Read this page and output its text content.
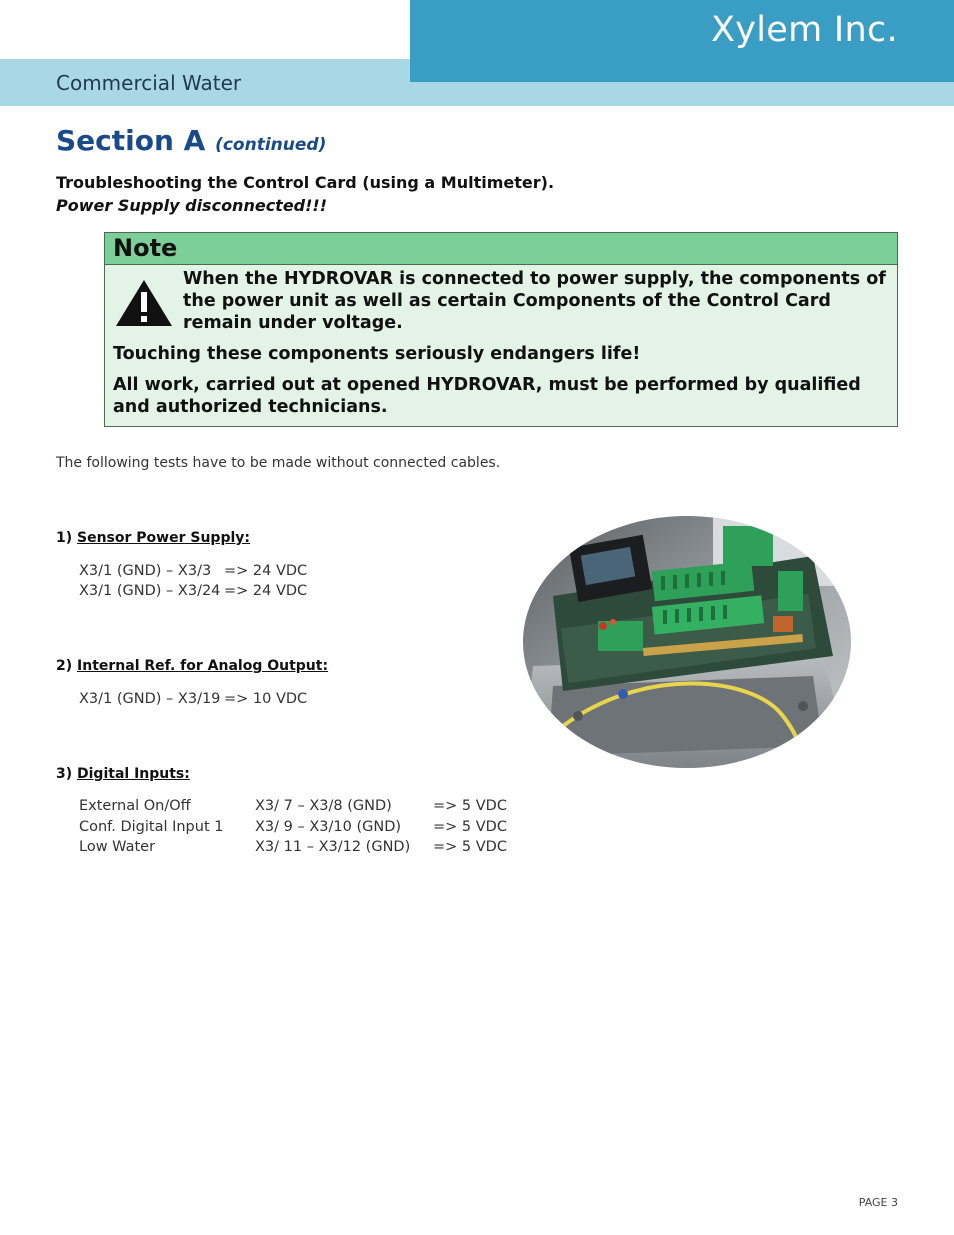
Xylem Inc.
Commercial Water
Section A (continued)
Troubleshooting the Control Card (using a Multimeter).
Power Supply disconnected!!!
Note
When the HYDROVAR is connected to power supply, the components of the power unit as well as certain Components of the Control Card remain under voltage.
Touching these components seriously endangers life!
All work, carried out at opened HYDROVAR, must be performed by qualified and authorized technicians.
The following tests have to be made without connected cables.
1) Sensor Power Supply:
X3/1 (GND) – X3/3 => 24 VDC
X3/1 (GND) – X3/24 => 24 VDC
2) Internal Ref. for Analog Output:
X3/1 (GND) – X3/19 => 10 VDC
3) Digital Inputs:
External On/Off	X3/ 7 – X3/8 (GND)	=> 5 VDC
Conf. Digital Input 1 X3/ 9 – X3/10 (GND) => 5 VDC
Low Water	X3/ 11 – X3/12 (GND) => 5 VDC
PAGE 3
